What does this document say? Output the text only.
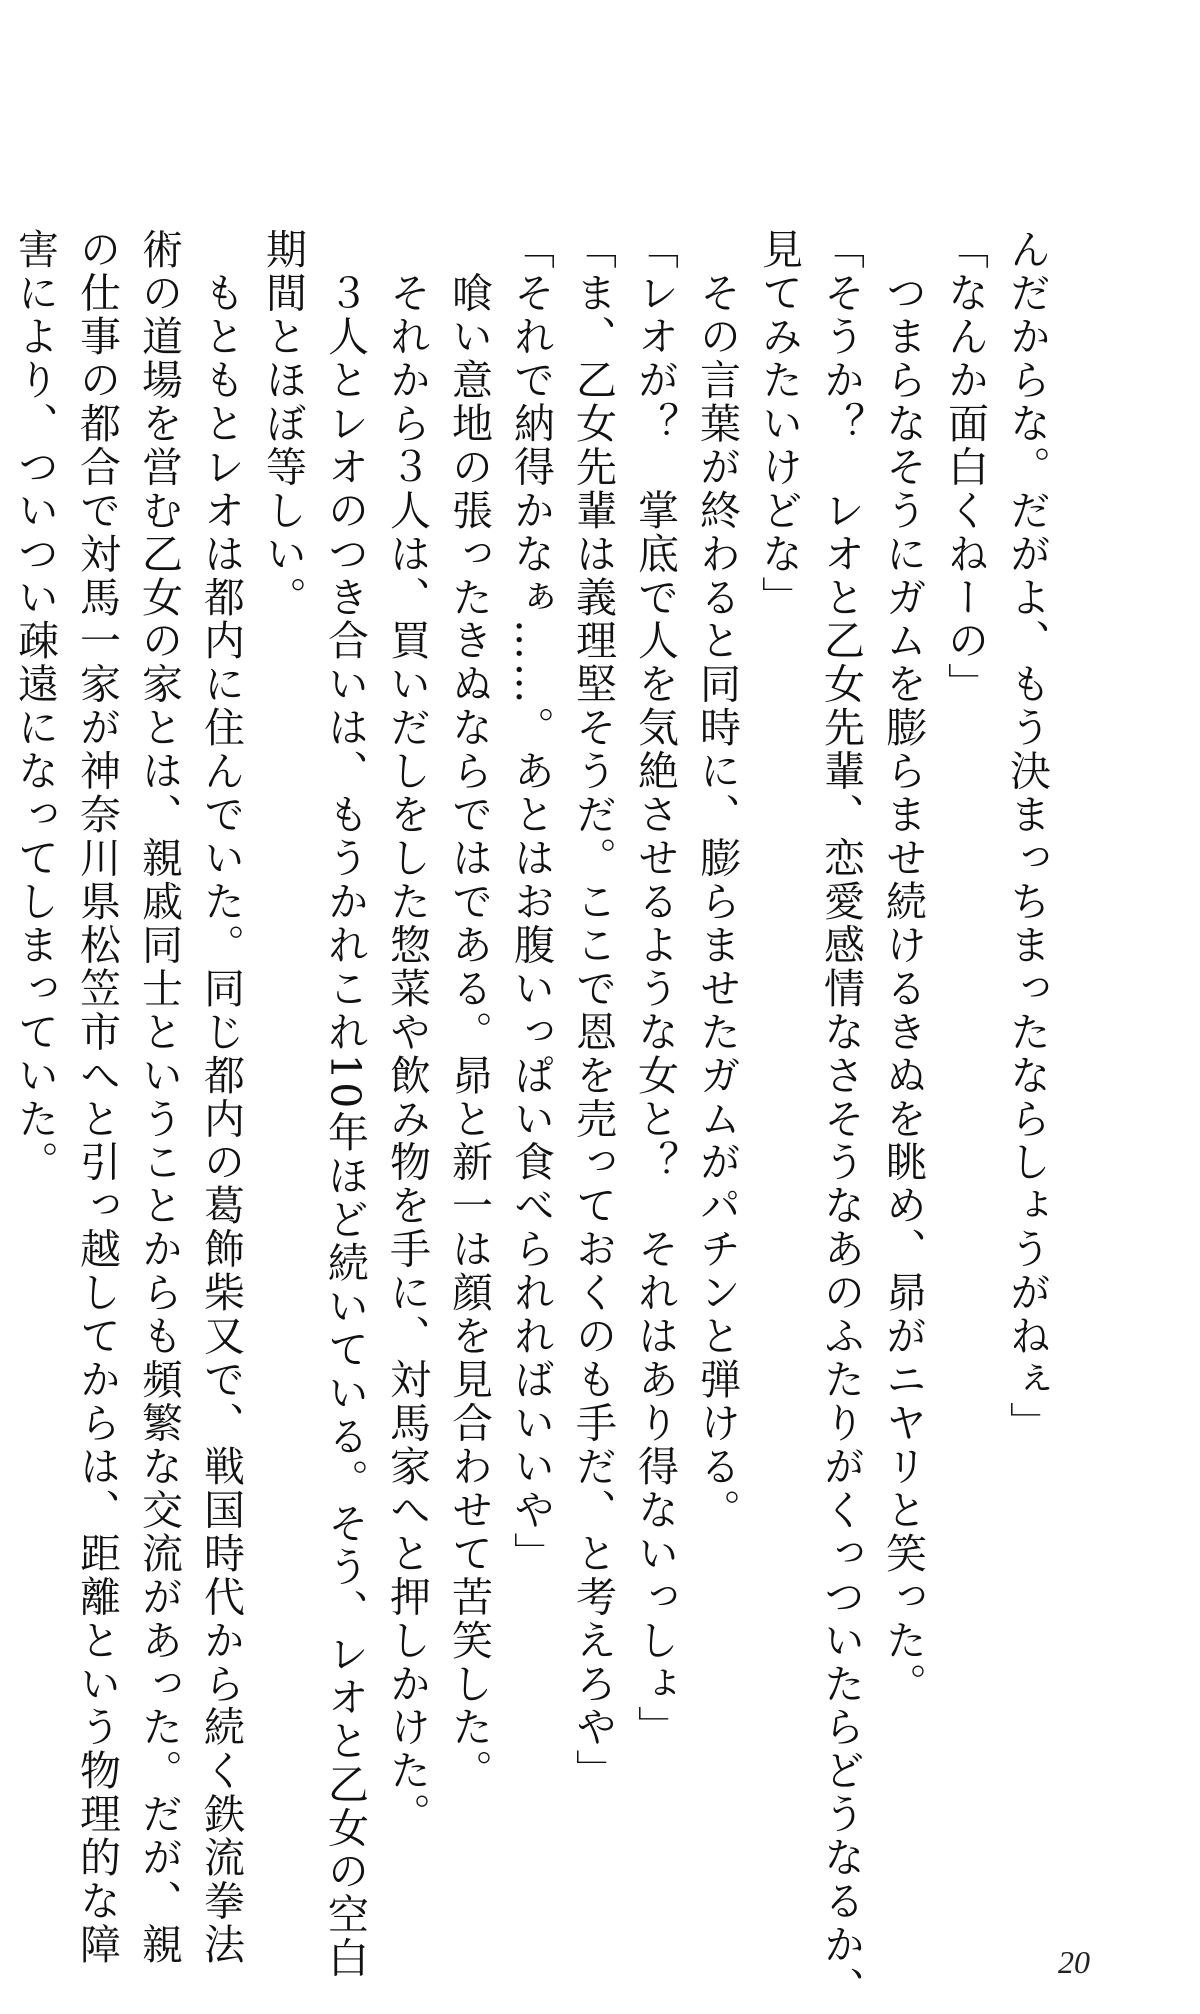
んだからな。だがよ、もう決まっちまったならしょうがねぇ」
「なんか面白くねーの」
　つまらなそうにガムを膨らませ続けるきぬを眺め、昴がニヤリと笑った。
「そうか？　レオと乙女先輩、恋愛感情なさそうなあのふたりがくっついたらどうなるか、
見てみたいけどな」
　その言葉が終わると同時に、膨らませたガムがパチンと弾ける。
「レオが？　掌底で人を気絶させるような女と？　それはあり得ないっしょ」
「ま、乙女先輩は義理堅そうだ。ここで恩を売っておくのも手だ、と考えろや」
「それで納得かなぁ……。あとはお腹いっぱい食べられればいいや」
　喰い意地の張ったきぬならではである。昴と新一は顔を見合わせて苦笑した。
　それから３人は、買いだしをした惣菜や飲み物を手に、対馬家へと押しかけた。
　３人とレオのつき合いは、もうかれこれ10年ほど続いている。そう、レオと乙女の空白
期間とほぼ等しい。
　もともとレオは都内に住んでいた。同じ都内の葛飾柴又で、戦国時代から続く鉄流拳法
術の道場を営む乙女の家とは、親戚同士ということからも頻繁な交流があった。だが、親
の仕事の都合で対馬一家が神奈川県松笠市へと引っ越してからは、距離という物理的な障
害により、ついつい疎遠になってしまっていた。
20
